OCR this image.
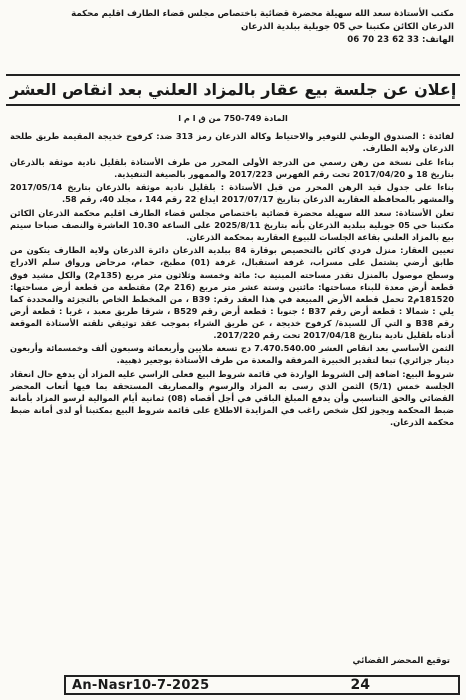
مكتب الأستاذة سعد الله سهيلة محضرة قضائية باختصاص مجلس قضاء الطارف اقليم محكمة
الذرعان الكائن مكتبنا حي 05 جويلية ببلدية الذرعان
الهاتف: 06 70 23 62 33
إعلان عن جلسة بيع عقار بالمزاد العلني بعد انقاص العشر
المادة 749-750 من ق ا م ا

لفائدة : الصندوق الوطني للتوفير والاحتياط وكالة الذرعان رمز 313 ضد: كرفوح خديجة المقيمة طريق طلحة الذرعان ولاية الطارف.

بناءا على نسخة من رهن رسمي من الدرجة الأولى المحرر من طرف الأستاذة بلقليل نادية موثقة بالذرعان بتاريخ 18 و 2017/04/20 تحت رقم الفهرس 2017/223 والممهور بالصيغة التنفيذية.

بناءا على جدول قيد الرهن المحرر من قبل الأستاذة : بلقليل نادية موثقة بالذرعان بتاريخ 2017/05/14 والمشهر بالمحافظة العقارية الذرعان بتاريخ 2017/07/17 ايداع 22 رقم 144 ، مجلد 40، رقم 58.

تعلن الأستاذة: سعد الله سهيلة محضرة قضائية باختصاص مجلس قضاء الطارف اقليم محكمة الذرعان الكائن مكتبنا حي 05 جويلية ببلدية الذرعان بأنه بتاريخ 2025/8/11 على الساعة 10.30 العاشرة والنصف صباحا سيتم بيع بالمزاد العلني بقاعة الجلسات للبيوع العقارية بمحكمة الذرعان.

تعيين العقار: منزل فردي كائن بالتحصيص بوقارة 84 ببلدية الذرعان دائرة الذرعان ولاية الطارف يتكون من طابق أرضي يشتمل على مسراب، غرفة استقبال، غرفة (01) مطبخ، حمام، مرحاض ورواق سلم الادراج وسطح موصول بالمنزل تقدر مساحته المبنية ب: مائة وخمسة وثلاثون متر مربع (135م2) والكل مشيد فوق قطعة أرض معدة للبناء مساحتها: مائتين وستة عشر متر مربع (216 م2) مقتطعة من قطعة أرض مساحتها: 181520م2 تحمل قطعة الأرض المبيعة في هذا العقد رقم: B39 ، من المخطط الخاص بالتجزئة والمحددة كما يلي : شمالا : قطعة أرض رقم B37 ؛ جنوبا : قطعة أرض رقم B529 ، شرقا طريق معبد ، غربا : قطعة أرض رقم B38 و التي آل للسيدة/ كرفوح خديجة ، عن طريق الشراء بموجب عقد توثيقي تلقته الأستاذة الموقعة أدناه بلقليل نادية بتاريخ 2017/04/18 تحت رقم 2017/220.

الثمن الأساسي بعد انقاص العشر 7.470.540.00 دج تسعة ملايين وأربعمائة وسبعون ألف وخمسمائة وأربعون دينار جزائري) تبعا لتقدير الخبيرة المرفقة والمعدة من طرف الأستاذة بوجعير ذهبية.

شروط البيع: اضافة إلى الشروط الواردة في قائمة شروط البيع فعلى الراسي عليه المزاد أن يدفع حال انعقاد الجلسة خمس (5/1) الثمن الذي رسى به المزاد والرسوم والمصاريف المستحقة بما فيها أتعاب المحضر القضائي والحق التناسبي وأن يدفع المبلغ الباقي في أجل أقصاه (08) ثمانية أيام الموالية لرسو المزاد بأمانة ضبط المحكمة ويجوز لكل شخص راغب في المزايدة الاطلاع على قائمة شروط البيع بمكتبنا أو لدى أمانة ضبط محكمة الذرعان.

توقيع المحضر القضائي
An-Nasr10-7-2025	24
